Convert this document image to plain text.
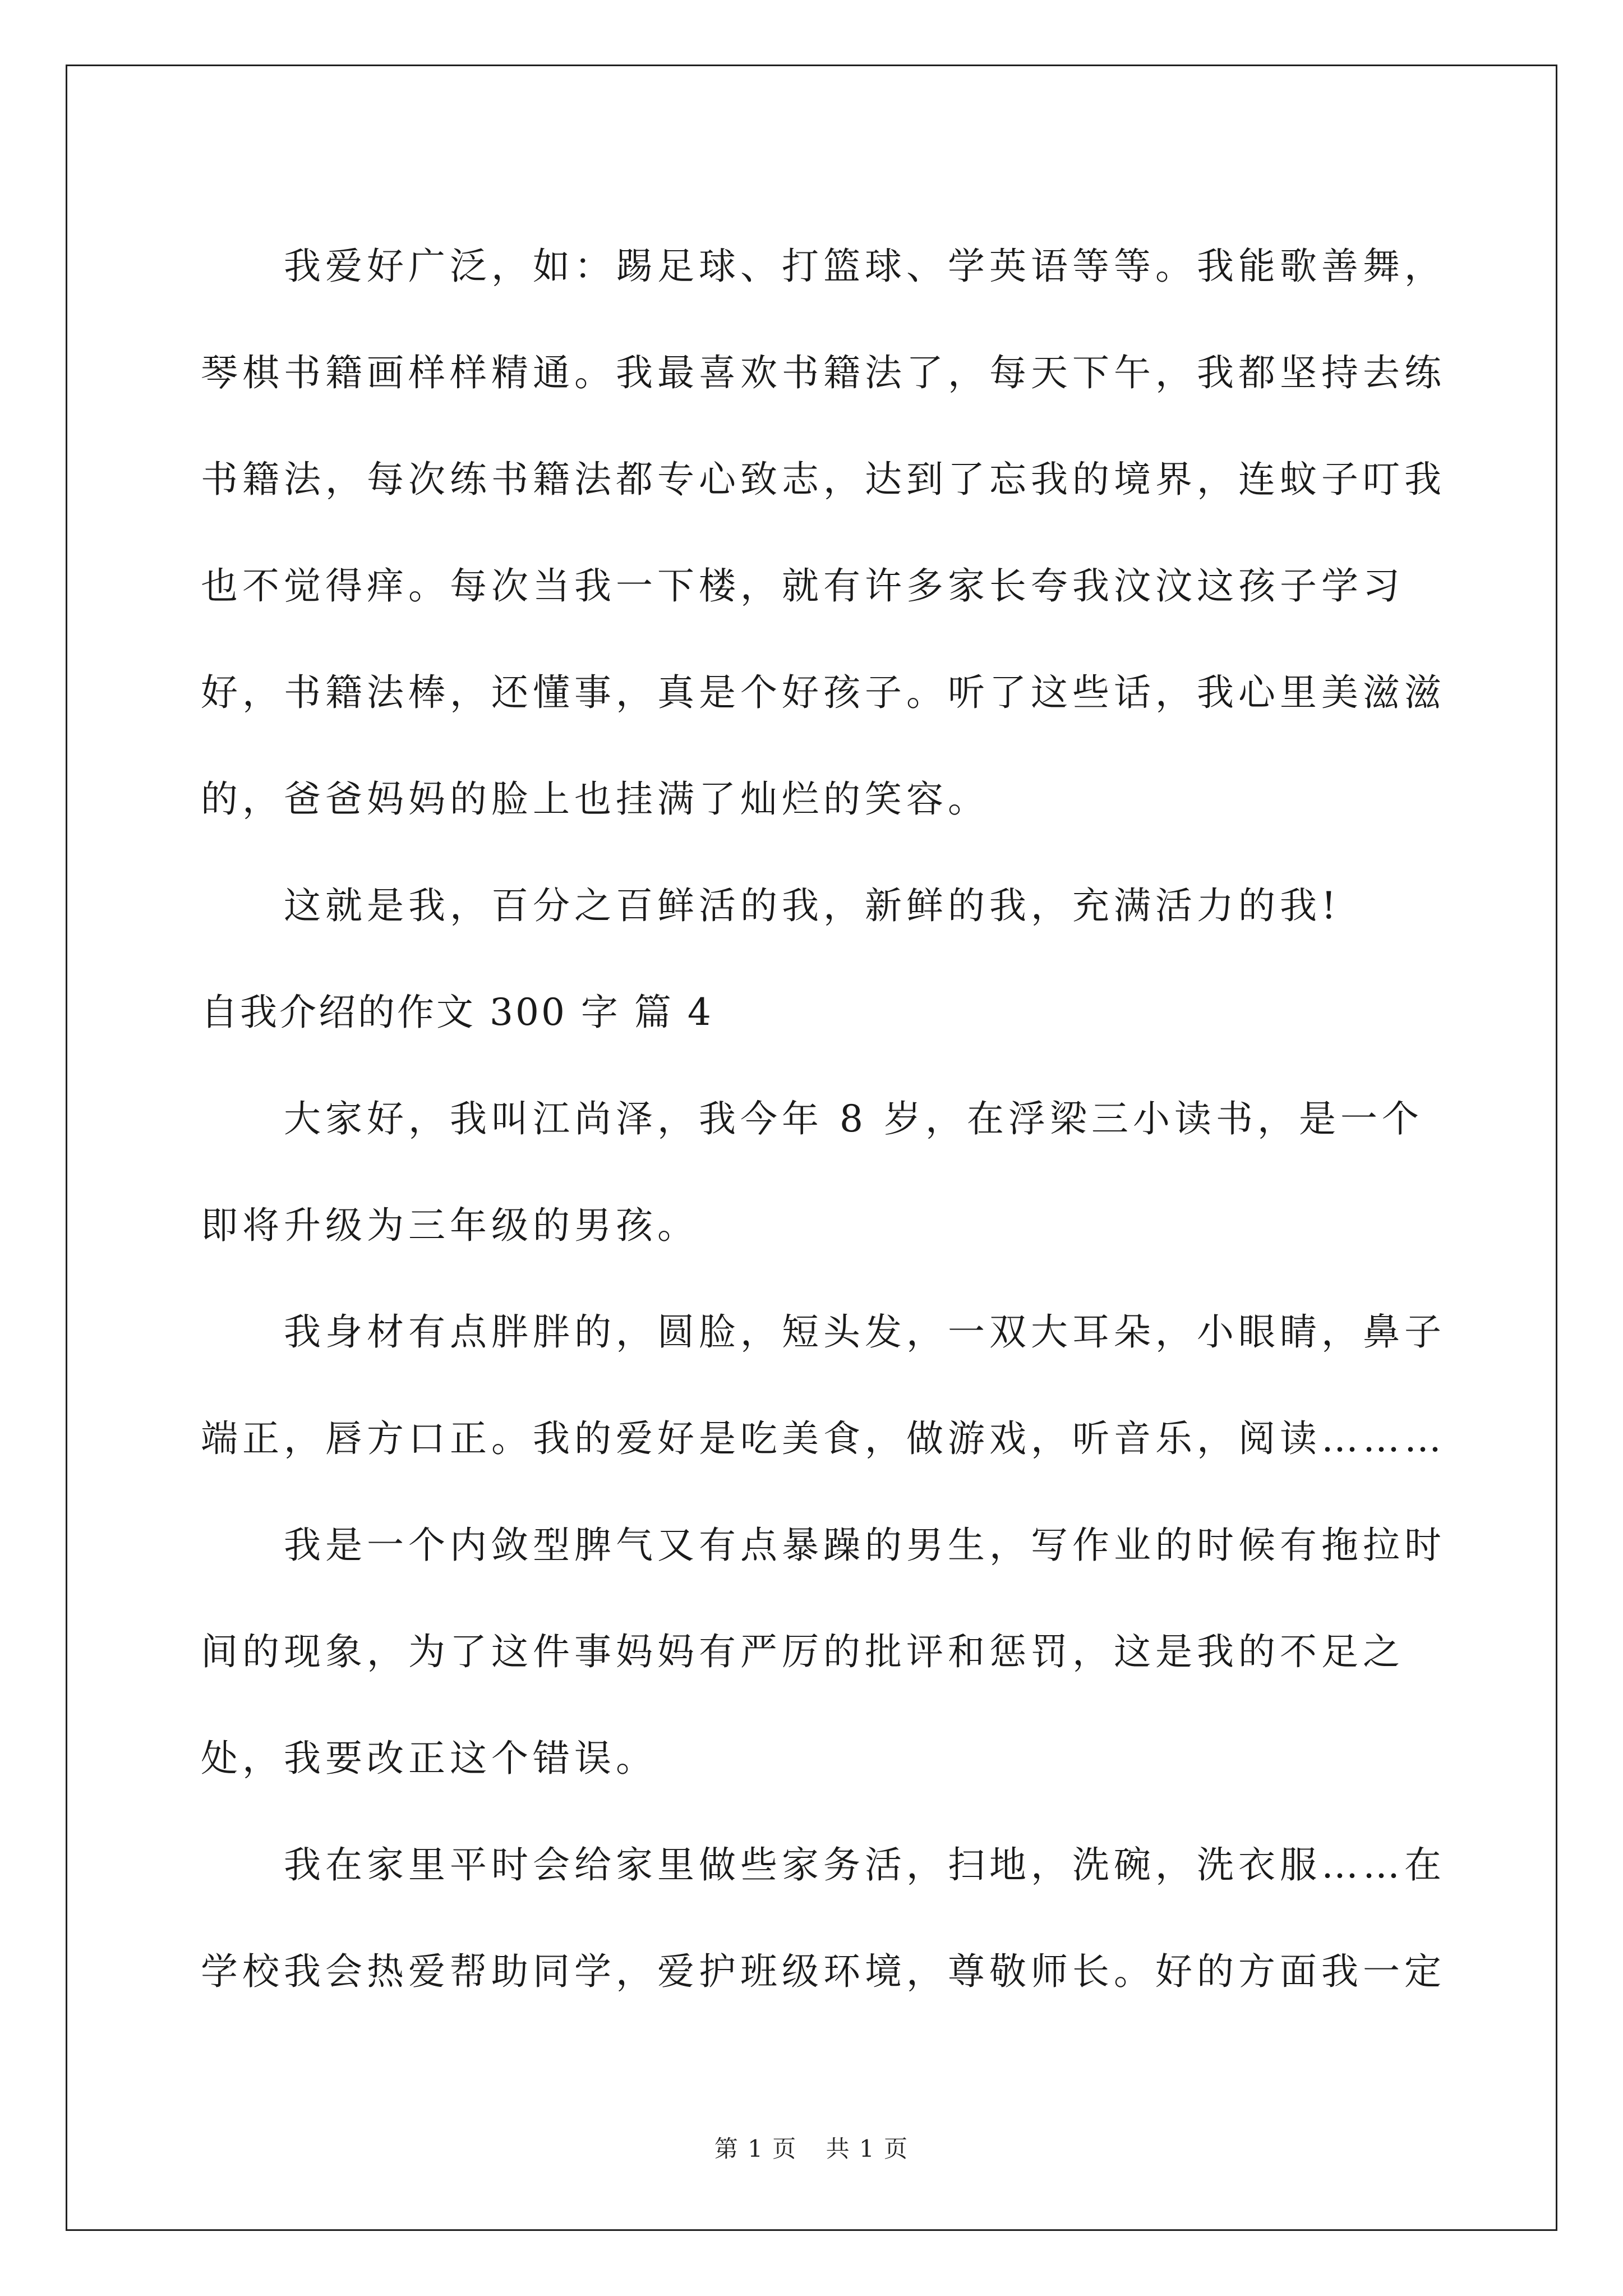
我爱好广泛，如：踢足球、打篮球、学英语等等。我能歌善舞，琴棋书籍画样样精通。我最喜欢书籍法了，每天下午，我都坚持去练书籍法，每次练书籍法都专心致志，达到了忘我的境界，连蚊子叮我也不觉得痒。每次当我一下楼，就有许多家长夸我汶汶这孩子学习好，书籍法棒，还懂事，真是个好孩子。听了这些话，我心里美滋滋的，爸爸妈妈的脸上也挂满了灿烂的笑容。

这就是我，百分之百鲜活的我，新鲜的我，充满活力的我!

自我介绍的作文 300 字 篇 4

大家好，我叫江尚泽，我今年 8 岁，在浮梁三小读书，是一个即将升级为三年级的男孩。

我身材有点胖胖的，圆脸，短头发，一双大耳朵，小眼睛，鼻子端正，唇方口正。我的爱好是吃美食，做游戏，听音乐，阅读………

我是一个内敛型脾气又有点暴躁的男生，写作业的时候有拖拉时间的现象，为了这件事妈妈有严厉的批评和惩罚，这是我的不足之处，我要改正这个错误。

我在家里平时会给家里做些家务活，扫地，洗碗，洗衣服……在学校我会热爱帮助同学，爱护班级环境，尊敬师长。好的方面我一定

第 1 页 共 1 页
